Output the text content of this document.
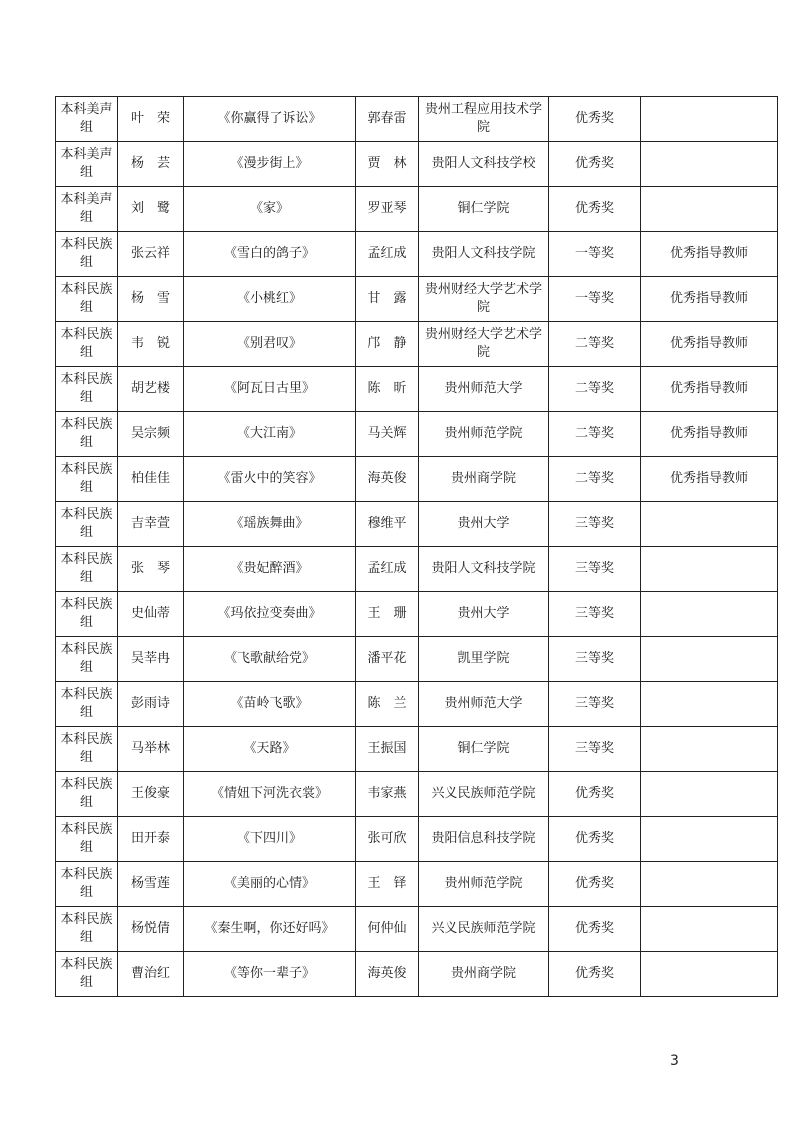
本科美声组	叶　荣	《你赢得了诉讼》	郭春雷	贵州工程应用技术学院	优秀奖	
本科美声组	杨　芸	《漫步街上》	贾　林	贵阳人文科技学校	优秀奖	
本科美声组	刘　鹭	《家》	罗亚琴	铜仁学院	优秀奖	
本科民族组	张云祥	《雪白的鸽子》	孟红成	贵阳人文科技学院	一等奖	优秀指导教师
本科民族组	杨　雪	《小桃红》	甘　露	贵州财经大学艺术学院	一等奖	优秀指导教师
本科民族组	韦　锐	《别君叹》	邝　静	贵州财经大学艺术学院	二等奖	优秀指导教师
本科民族组	胡艺楼	《阿瓦日古里》	陈　昕	贵州师范大学	二等奖	优秀指导教师
本科民族组	吴宗频	《大江南》	马关辉	贵州师范学院	二等奖	优秀指导教师
本科民族组	柏佳佳	《雷火中的笑容》	海英俊	贵州商学院	二等奖	优秀指导教师
本科民族组	吉幸萱	《瑶族舞曲》	穆维平	贵州大学	三等奖	
本科民族组	张　琴	《贵妃醉酒》	孟红成	贵阳人文科技学院	三等奖	
本科民族组	史仙蒂	《玛依拉变奏曲》	王　珊	贵州大学	三等奖	
本科民族组	吴莘冉	《飞歌献给党》	潘平花	凯里学院	三等奖	
本科民族组	彭雨诗	《苗岭飞歌》	陈　兰	贵州师范大学	三等奖	
本科民族组	马举林	《天路》	王振国	铜仁学院	三等奖	
本科民族组	王俊豪	《情妞下河洗衣裳》	韦家燕	兴义民族师范学院	优秀奖	
本科民族组	田开泰	《下四川》	张可欣	贵阳信息科技学院	优秀奖	
本科民族组	杨雪莲	《美丽的心情》	王　铎	贵州师范学院	优秀奖	
本科民族组	杨悦倩	《秦生啊，你还好吗》	何仲仙	兴义民族师范学院	优秀奖	
本科民族组	曹治红	《等你一辈子》	海英俊	贵州商学院	优秀奖	
3
